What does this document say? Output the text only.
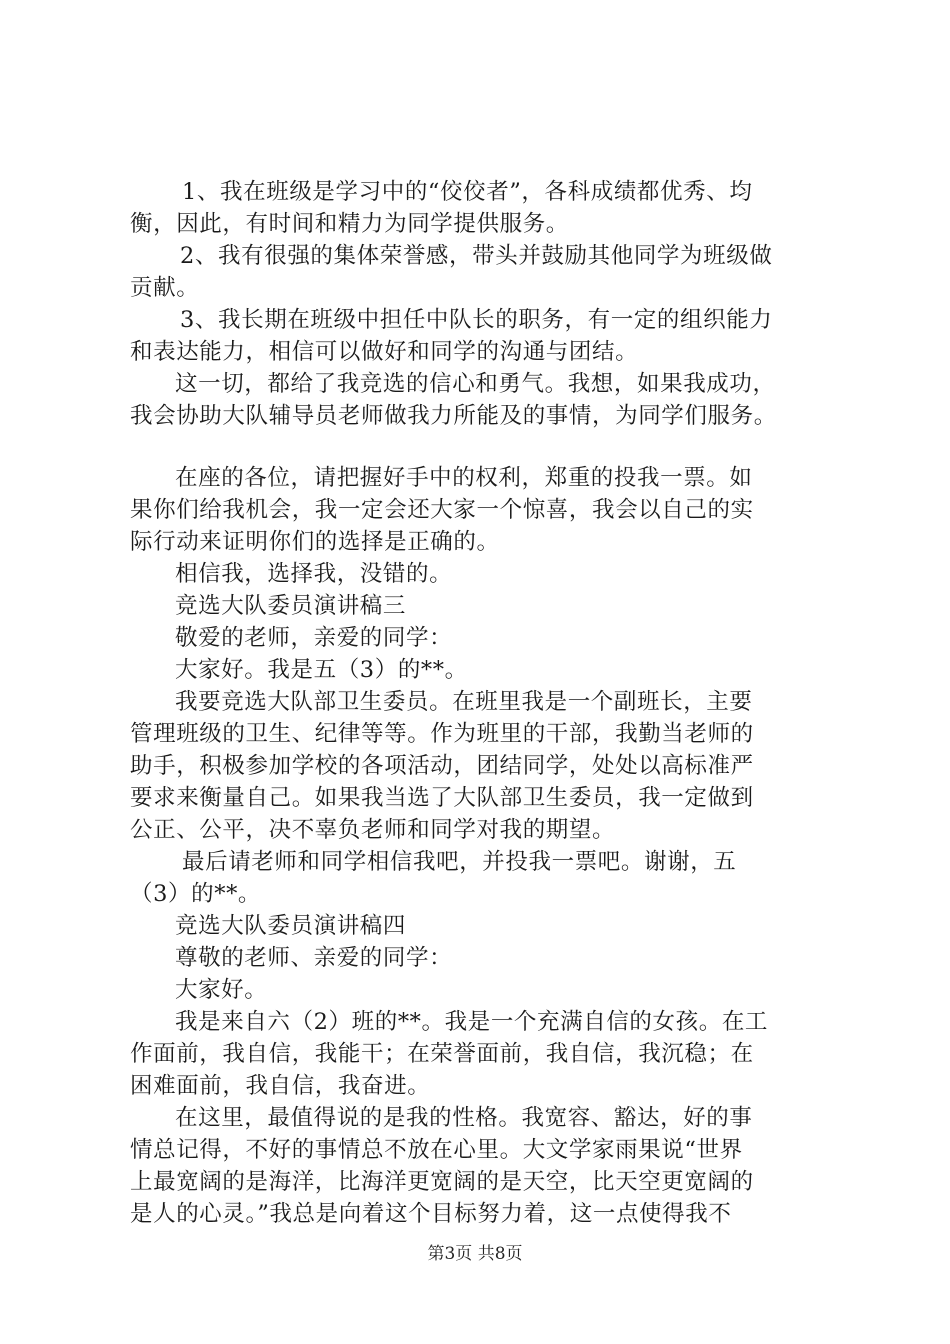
1、我在班级是学习中的“佼佼者”，各科成绩都优秀、均
衡，因此，有时间和精力为同学提供服务。
2、我有很强的集体荣誉感，带头并鼓励其他同学为班级做
贡献。
3、我长期在班级中担任中队长的职务，有一定的组织能力
和表达能力，相信可以做好和同学的沟通与团结。
这一切，都给了我竞选的信心和勇气。我想，如果我成功，
我会协助大队辅导员老师做我力所能及的事情，为同学们服务。
在座的各位，请把握好手中的权利，郑重的投我一票。如
果你们给我机会，我一定会还大家一个惊喜，我会以自己的实
际行动来证明你们的选择是正确的。
相信我，选择我，没错的。
竞选大队委员演讲稿三
敬爱的老师，亲爱的同学：
大家好。我是五（3）的**。
我要竞选大队部卫生委员。在班里我是一个副班长，主要
管理班级的卫生、纪律等等。作为班里的干部，我勤当老师的
助手，积极参加学校的各项活动，团结同学，处处以高标准严
要求来衡量自己。如果我当选了大队部卫生委员，我一定做到
公正、公平，决不辜负老师和同学对我的期望。
最后请老师和同学相信我吧，并投我一票吧。谢谢，五
（3）的**。
竞选大队委员演讲稿四
尊敬的老师、亲爱的同学：
大家好。
我是来自六（2）班的**。我是一个充满自信的女孩。在工
作面前，我自信，我能干；在荣誉面前，我自信，我沉稳；在
困难面前，我自信，我奋进。
在这里，最值得说的是我的性格。我宽容、豁达，好的事
情总记得，不好的事情总不放在心里。大文学家雨果说“世界
上最宽阔的是海洋，比海洋更宽阔的是天空，比天空更宽阔的
是人的心灵。”我总是向着这个目标努力着，这一点使得我不
第3页 共8页
